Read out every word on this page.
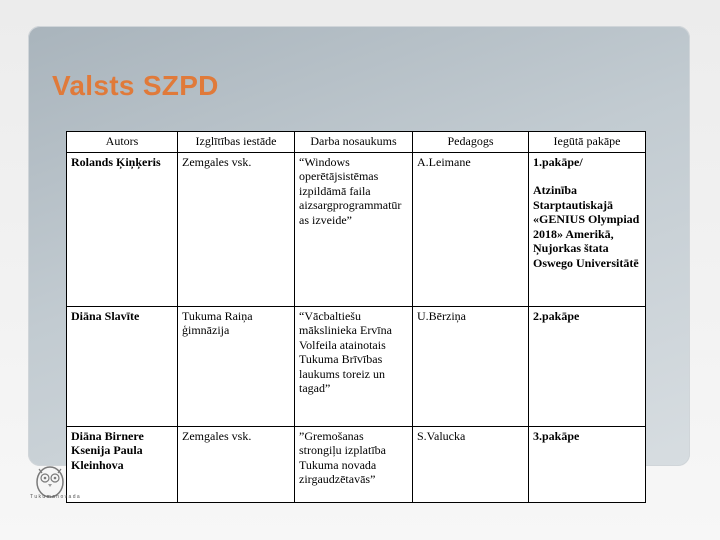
Valsts SZPD
Autors	Izglītības iestāde	Darba nosaukums	Pedagogs	Iegūtā pakāpe
Rolands Ķiņķeris	Zemgales vsk.	“Windows operētājsistēmas izpildāmā faila aizsargprogrammatūr as izveide”	A.Leimane	1.pakāpe/
Atzinība Starptautiskajā «GENIUS Olympiad 2018» Amerikā, Ņujorkas štata Oswego Universitātē

Diāna Slavīte	Tukuma Raiņa ģimnāzija	“Vācbaltiešu mākslinieka Ervīna Volfeila atainotais Tukuma Brīvības laukums toreiz un tagad”	U.Bērziņa	2.pakāpe
Diāna Birnere Ksenija Paula Kleinhova	Zemgales vsk.	”Gremošanas strongiļu izplatība Tukuma novada zirgaudzētavās”	S.Valucka	3.pakāpe
T u k u m a n o v a d a
